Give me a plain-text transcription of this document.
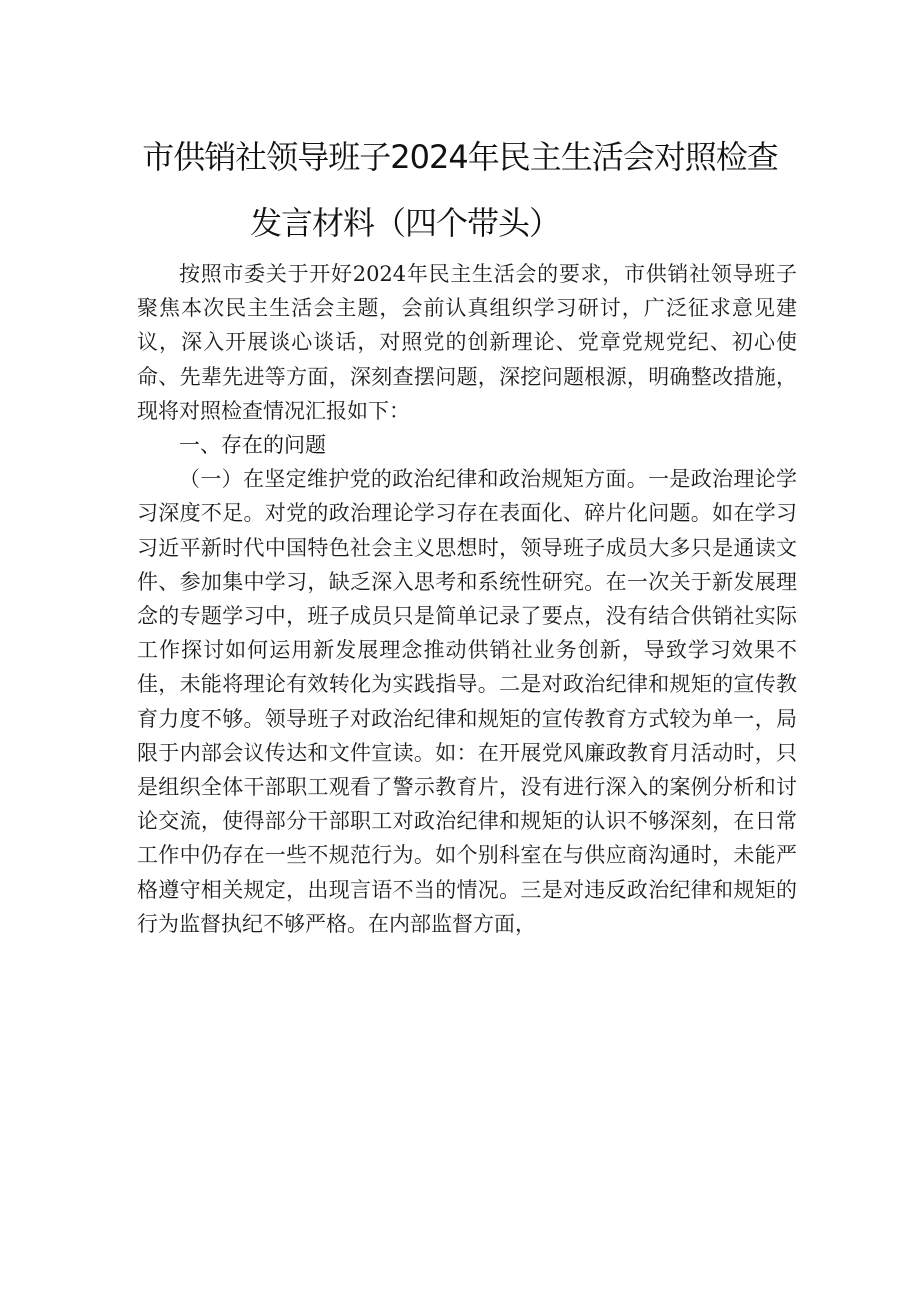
市供销社领导班子2024年民主生活会对照检查
发言材料（四个带头）

按照市委关于开好2024年民主生活会的要求，市供销社领导班子聚焦本次民主生活会主题，会前认真组织学习研讨，广泛征求意见建议，深入开展谈心谈话，对照党的创新理论、党章党规党纪、初心使命、先辈先进等方面，深刻查摆问题，深挖问题根源，明确整改措施，现将对照检查情况汇报如下：

一、存在的问题

（一）在坚定维护党的政治纪律和政治规矩方面。一是政治理论学习深度不足。对党的政治理论学习存在表面化、碎片化问题。如在学习习近平新时代中国特色社会主义思想时，领导班子成员大多只是通读文件、参加集中学习，缺乏深入思考和系统性研究。在一次关于新发展理念的专题学习中，班子成员只是简单记录了要点，没有结合供销社实际工作探讨如何运用新发展理念推动供销社业务创新，导致学习效果不佳，未能将理论有效转化为实践指导。二是对政治纪律和规矩的宣传教育力度不够。领导班子对政治纪律和规矩的宣传教育方式较为单一，局限于内部会议传达和文件宣读。如：在开展党风廉政教育月活动时，只是组织全体干部职工观看了警示教育片，没有进行深入的案例分析和讨论交流，使得部分干部职工对政治纪律和规矩的认识不够深刻，在日常工作中仍存在一些不规范行为。如个别科室在与供应商沟通时，未能严格遵守相关规定，出现言语不当的情况。三是对违反政治纪律和规矩的行为监督执纪不够严格。在内部监督方面，
